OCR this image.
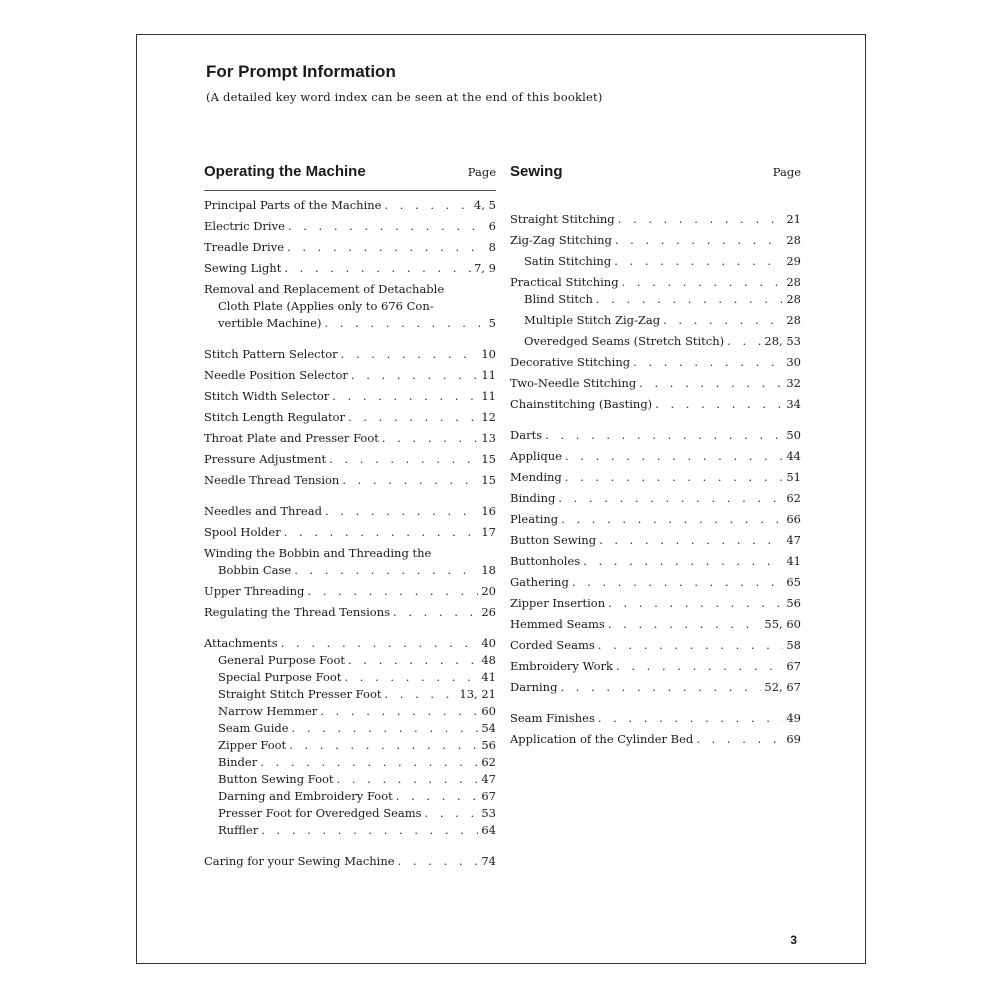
For Prompt Information
(A detailed key word index can be seen at the end of this booklet)
Operating the Machine	Page
Principal Parts of the Machine . . .	4, 5
Electric Drive . . .	6
Treadle Drive . . .	8
Sewing Light . . .	7, 9
Removal and Replacement of Detachable
Cloth Plate (Applies only to 676 Con-
vertible Machine) . . .	5
Stitch Pattern Selector . . .	10
Needle Position Selector . . .	11
Stitch Width Selector . . .	11
Stitch Length Regulator . . .	12
Throat Plate and Presser Foot . . .	13
Pressure Adjustment . . .	15
Needle Thread Tension . . .	15
Needles and Thread . . .	16
Spool Holder . . .	17
Winding the Bobbin and Threading the
Bobbin Case . . .	18
Upper Threading . . .	20
Regulating the Thread Tensions . . .	26
Attachments . . .	40
General Purpose Foot . . .	48
Special Purpose Foot . . .	41
Straight Stitch Presser Foot . . .	13, 21
Narrow Hemmer . . .	60
Seam Guide . . .	54
Zipper Foot . . .	56
Binder . . .	62
Button Sewing Foot . . .	47
Darning and Embroidery Foot . . .	67
Presser Foot for Overedged Seams . . .	53
Ruffler . . .	64
Caring for your Sewing Machine . . .	74
Sewing	Page
Straight Stitching . . .	21
Zig-Zag Stitching . . .	28
Satin Stitching . . .	29
Practical Stitching . . .	28
Blind Stitch . . .	28
Multiple Stitch Zig-Zag . . .	28
Overedged Seams (Stretch Stitch) . . .	28, 53
Decorative Stitching . . .	30
Two-Needle Stitching . . .	32
Chainstitching (Basting) . . .	34
Darts . . .	50
Applique . . .	44
Mending . . .	51
Binding . . .	62
Pleating . . .	66
Button Sewing . . .	47
Buttonholes . . .	41
Gathering . . .	65
Zipper Insertion . . .	56
Hemmed Seams . . .	55, 60
Corded Seams . . .	58
Embroidery Work . . .	67
Darning . . .	52, 67
Seam Finishes . . .	49
Application of the Cylinder Bed . . .	69
3
